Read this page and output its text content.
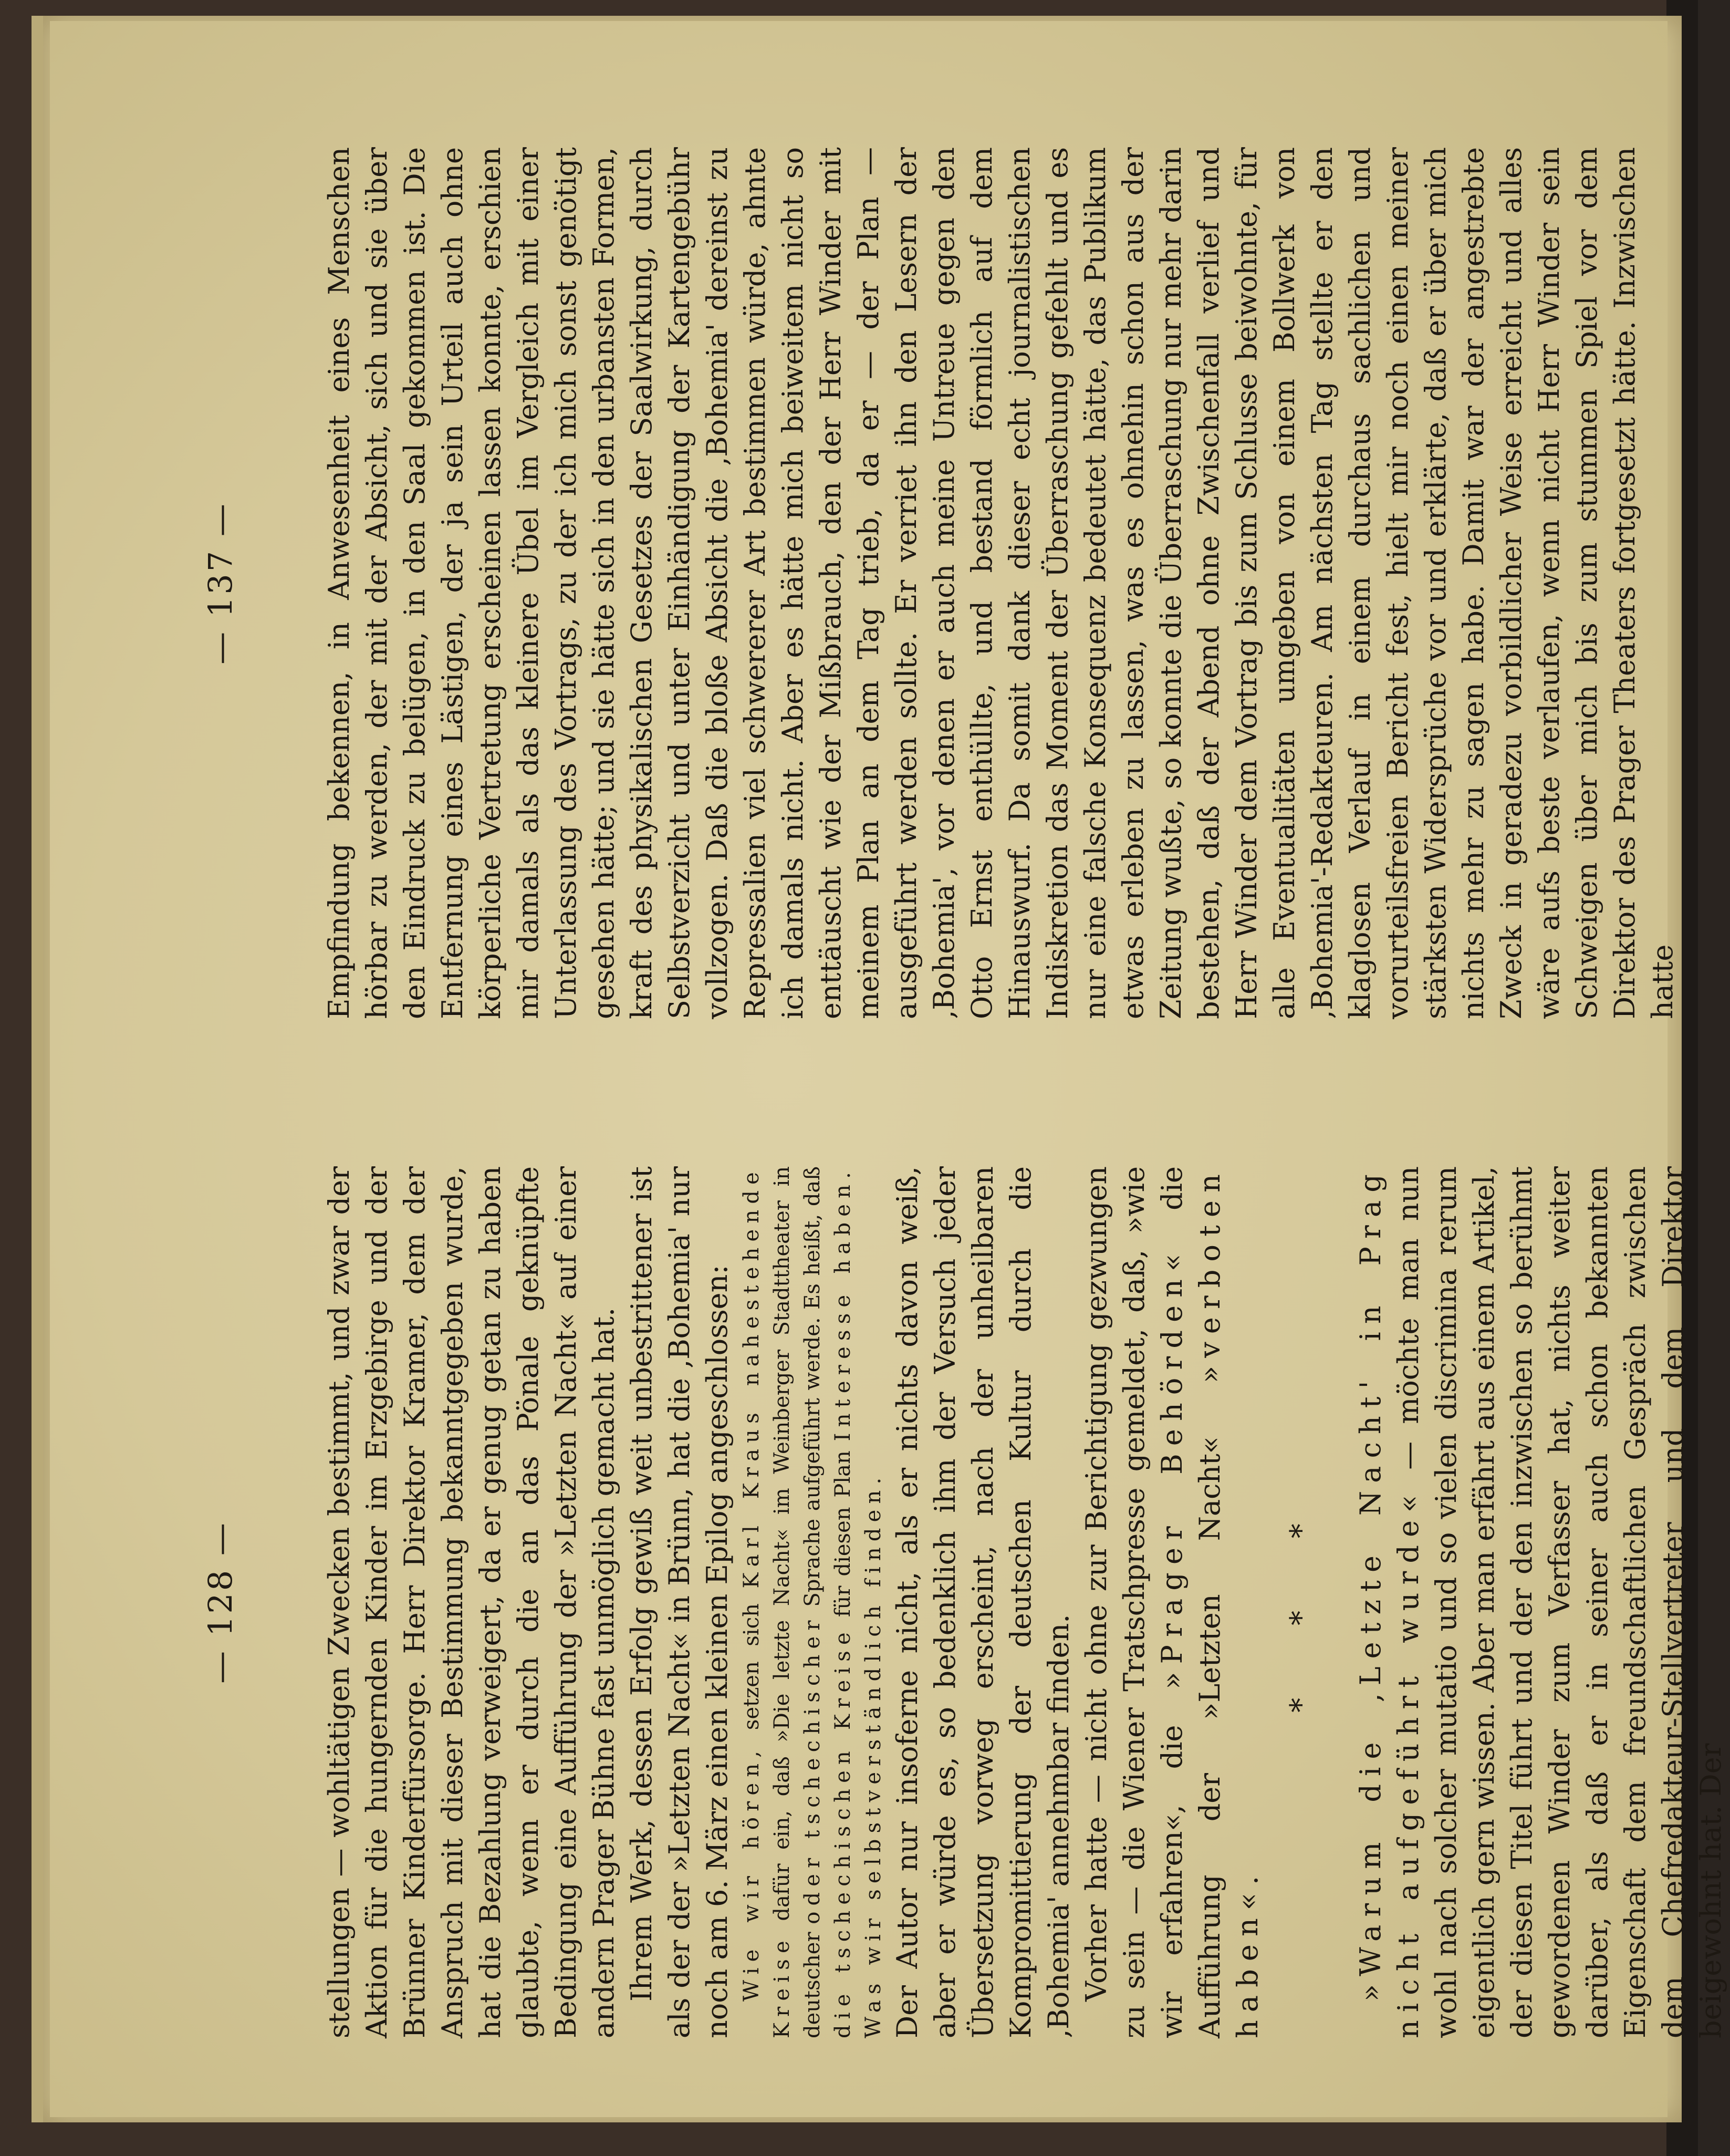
— 128 —	stellungen — wohltätigen Zwecken bestimmt, und zwar der Aktion für die hungernden Kinder im Erzgebirge und der Brünner Kinderfürsorge. Herr Direktor Kramer, dem der Anspruch mit dieser Bestimmung bekanntgegeben wurde, hat die Bezahlung verweigert, da er genug getan zu haben glaubte, wenn er durch die an das Pönale geknüpfte Bedingung eine Aufführung der »Letzten Nacht« auf einer andern Prager Bühne fast unmöglich gemacht hat. Ihrem Werk, dessen Erfolg gewiß weit unbestrittener ist als der der »Letzten Nacht« in Brünn, hat die ‚Bohemia' nur noch am 6. März einen kleinen Epilog angeschlossen: Wie wir hören, setzen sich Karl Kraus nahestehende Kreise dafür ein, daß »Die letzte Nacht« im Weinberger Stadttheater in deutscher oder tschechischer Sprache aufgeführt werde. Es heißt, daß die tschechischen Kreise für diesen Plan Interesse haben. Was wir selbstverständlich finden. Der Autor nur insoferne nicht, als er nichts davon weiß, aber er würde es, so bedenklich ihm der Versuch jeder Übersetzung vorweg erscheint, nach der unheilbaren Kompromittierung der deutschen Kultur durch die ‚Bohemia' annehmbar finden. Vorher hatte — nicht ohne zur Berichtigung gezwungen zu sein — die Wiener Tratschpresse gemeldet, daß, »wie wir erfahren«, die »Prager Behörden« die Aufführung der »Letzten Nacht« »verboten haben«.

* * * »Warum die ‚Letzte Nacht' in Prag nicht aufgeführt wurde« — möchte man nun wohl nach solcher mutatio und so vielen discrimina rerum eigentlich gern wissen. Aber man erfährt aus einem Artikel, der diesen Titel führt und der den inzwischen so berühmt gewordenen Winder zum Verfasser hat, nichts weiter darüber, als daß er in seiner auch schon bekannten Eigenschaft dem freundschaftlichen Gespräch zwischen dem Chefredakteur-Stellvertreter und dem Direktor beigewohnt hat. Der

— 137 —	Empfindung bekennen, in Anwesenheit eines Menschen hörbar zu werden, der mit der Absicht, sich und sie über den Eindruck zu belügen, in den Saal gekommen ist. Die Entfernung eines Lästigen, der ja sein Urteil auch ohne körperliche Vertretung erscheinen lassen konnte, erschien mir damals als das kleinere Übel im Vergleich mit einer Unterlassung des Vortrags, zu der ich mich sonst genötigt gesehen hätte; und sie hätte sich in den urbansten Formen, kraft des physikalischen Gesetzes der Saalwirkung, durch Selbstverzicht und unter Einhändigung der Kartengebühr vollzogen. Daß die bloße Absicht die ‚Bohemia' dereinst zu Repressalien viel schwererer Art bestimmen würde, ahnte ich damals nicht. Aber es hätte mich beiweitem nicht so enttäuscht wie der Mißbrauch, den der Herr Winder mit meinem Plan an dem Tag trieb, da er — der Plan — ausgeführt werden sollte. Er verriet ihn den Lesern der ‚Bohemia', vor denen er auch meine Untreue gegen den Otto Ernst enthüllte, und bestand förmlich auf dem Hinauswurf. Da somit dank dieser echt journalistischen Indiskretion das Moment der Überraschung gefehlt und es nur eine falsche Konsequenz bedeutet hätte, das Publikum etwas erleben zu lassen, was es ohnehin schon aus der Zeitung wußte, so konnte die Überraschung nur mehr darin bestehen, daß der Abend ohne Zwischenfall verlief und Herr Winder dem Vortrag bis zum Schlusse beiwohnte, für alle Eventualitäten umgeben von einem Bollwerk von ‚Bohemia'-Redakteuren. Am nächsten Tag stellte er den klaglosen Verlauf in einem durchaus sachlichen und vorurteilsfreien Bericht fest, hielt mir noch einen meiner stärksten Widersprüche vor und erklärte, daß er über mich nichts mehr zu sagen habe. Damit war der angestrebte Zweck in geradezu vorbildlicher Weise erreicht und alles wäre aufs beste verlaufen, wenn nicht Herr Winder sein Schweigen über mich bis zum stummen Spiel vor dem Direktor des Prager Theaters fortgesetzt hätte. Inzwischen hatte
